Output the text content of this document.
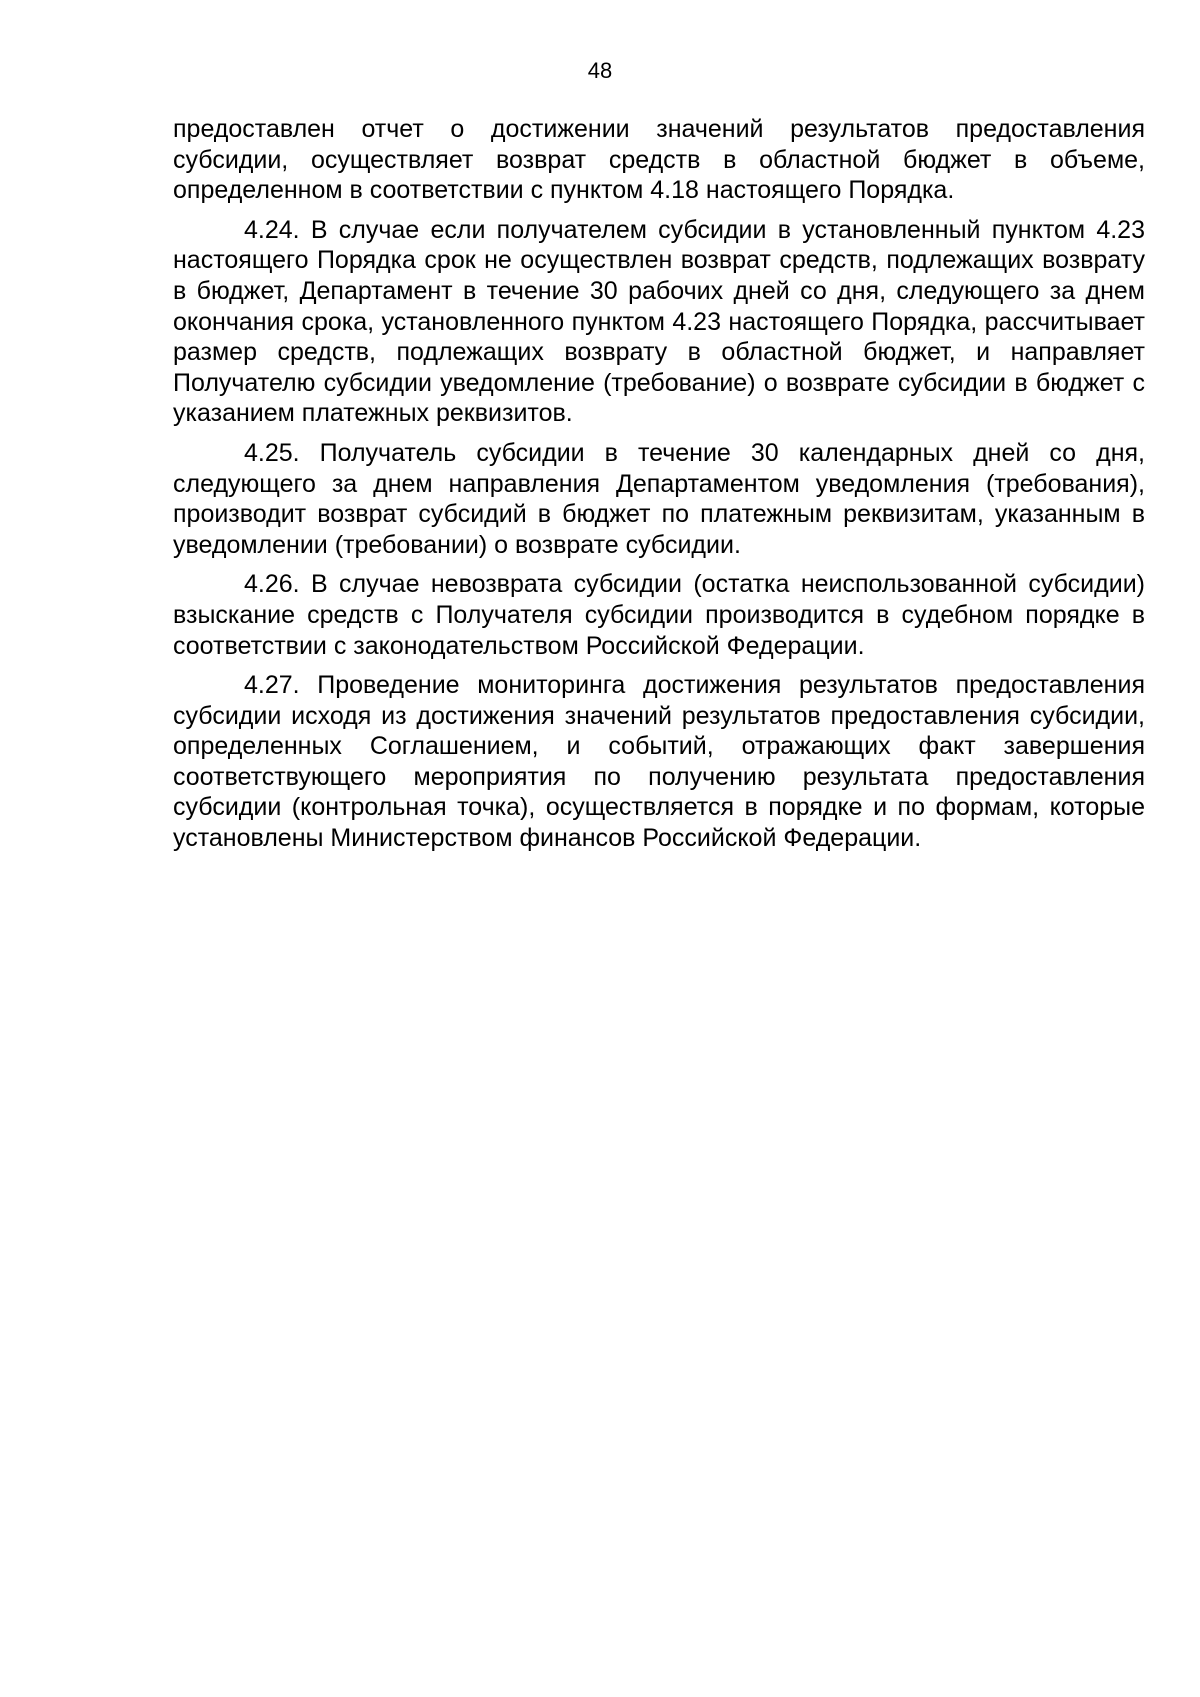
48

предоставлен отчет о достижении значений результатов предоставления субсидии, осуществляет возврат средств в областной бюджет в объеме, определенном в соответствии с пунктом 4.18 настоящего Порядка.

4.24. В случае если получателем субсидии в установленный пунктом 4.23 настоящего Порядка срок не осуществлен возврат средств, подлежащих возврату в бюджет, Департамент в течение 30 рабочих дней со дня, следующего за днем окончания срока, установленного пунктом 4.23 настоящего Порядка, рассчитывает размер средств, подлежащих возврату в областной бюджет, и направляет Получателю субсидии уведомление (требование) о возврате субсидии в бюджет с указанием платежных реквизитов.

4.25. Получатель субсидии в течение 30 календарных дней со дня, следующего за днем направления Департаментом уведомления (требования), производит возврат субсидий в бюджет по платежным реквизитам, указанным в уведомлении (требовании) о возврате субсидии.

4.26. В случае невозврата субсидии (остатка неиспользованной субсидии) взыскание средств с Получателя субсидии производится в судебном порядке в соответствии с законодательством Российской Федерации.

4.27. Проведение мониторинга достижения результатов предоставления субсидии исходя из достижения значений результатов предоставления субсидии, определенных Соглашением, и событий, отражающих факт завершения соответствующего мероприятия по получению результата предоставления субсидии (контрольная точка), осуществляется в порядке и по формам, которые установлены Министерством финансов Российской Федерации.
